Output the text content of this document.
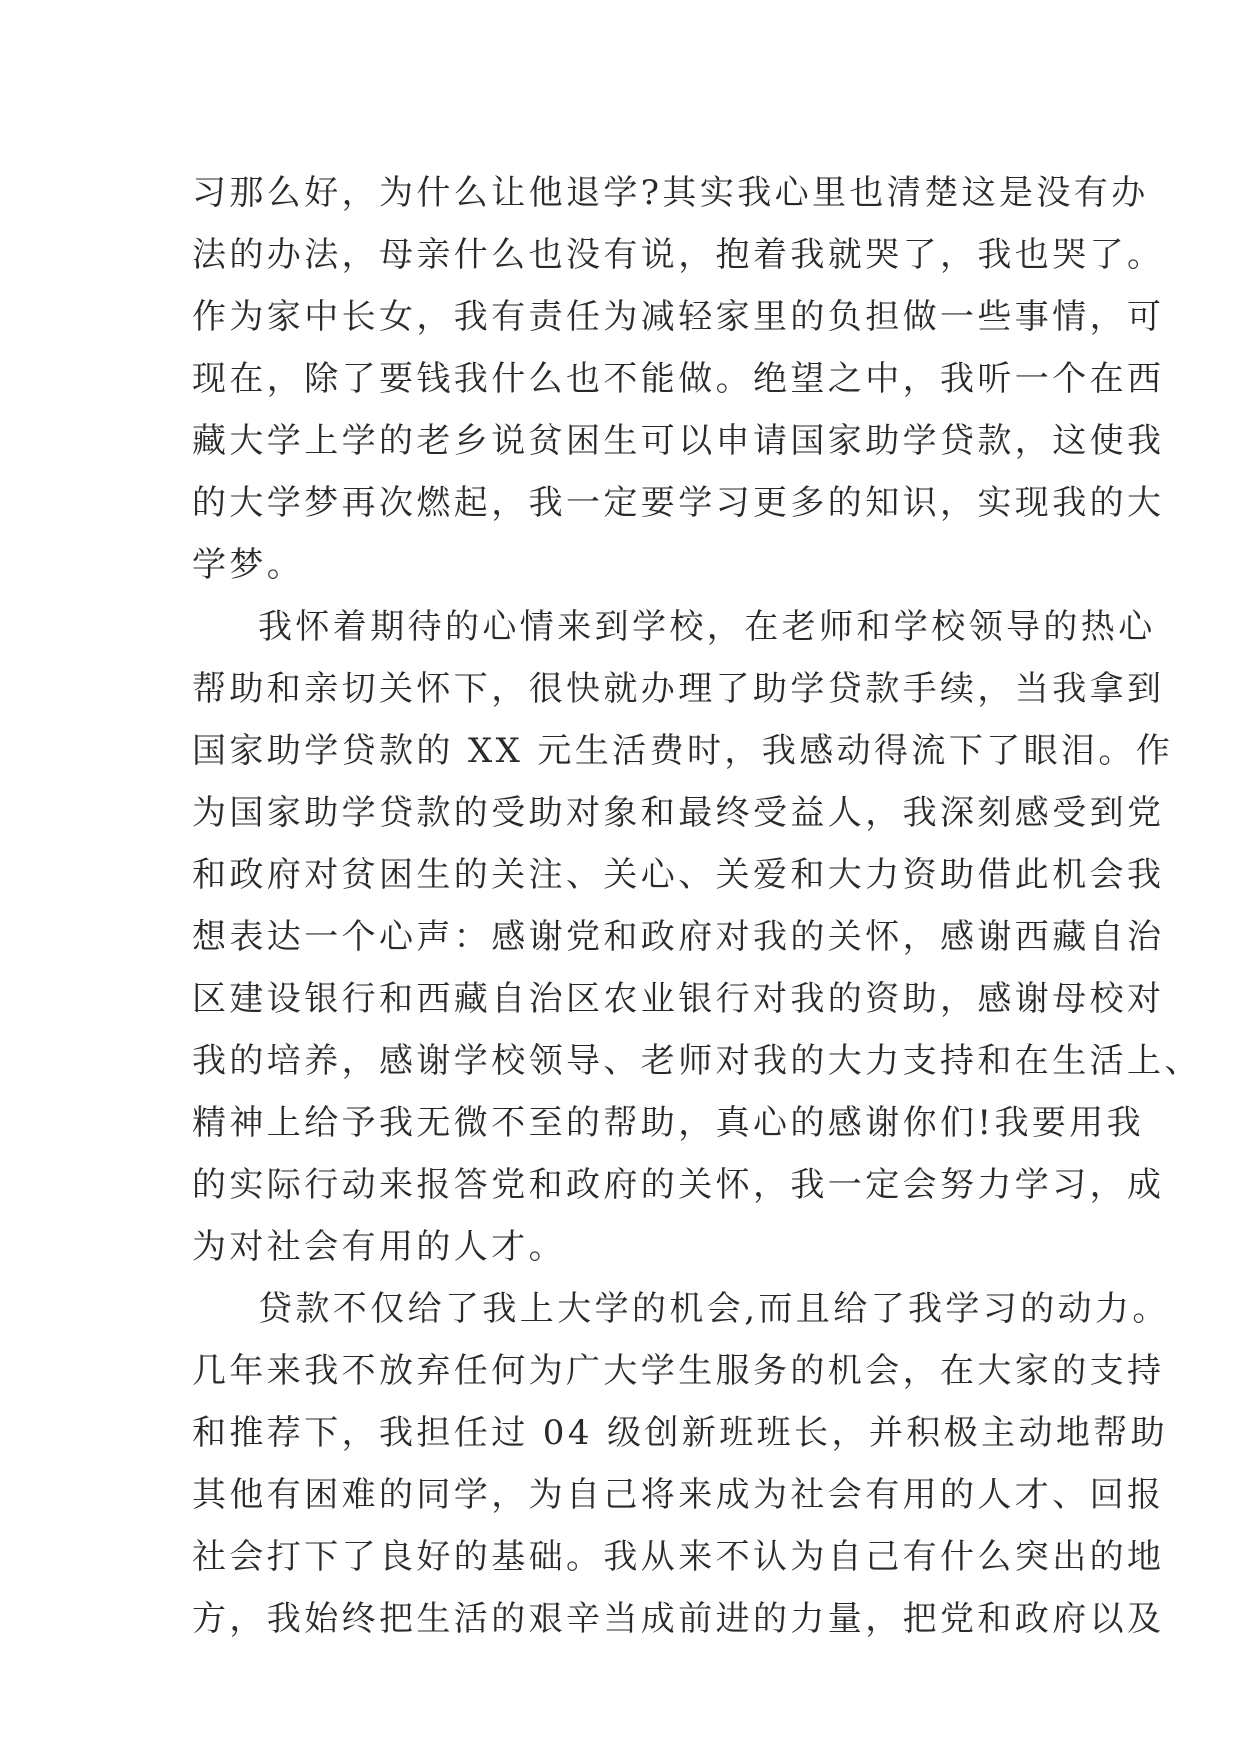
习那么好，为什么让他退学?其实我心里也清楚这是没有办
法的办法，母亲什么也没有说，抱着我就哭了，我也哭了。
作为家中长女，我有责任为减轻家里的负担做一些事情，可
现在，除了要钱我什么也不能做。绝望之中，我听一个在西
藏大学上学的老乡说贫困生可以申请国家助学贷款，这使我
的大学梦再次燃起，我一定要学习更多的知识，实现我的大
学梦。
我怀着期待的心情来到学校，在老师和学校领导的热心
帮助和亲切关怀下，很快就办理了助学贷款手续，当我拿到
国家助学贷款的 XX 元生活费时，我感动得流下了眼泪。作
为国家助学贷款的受助对象和最终受益人，我深刻感受到党
和政府对贫困生的关注、关心、关爱和大力资助借此机会我
想表达一个心声：感谢党和政府对我的关怀，感谢西藏自治
区建设银行和西藏自治区农业银行对我的资助，感谢母校对
我的培养，感谢学校领导、老师对我的大力支持和在生活上、
精神上给予我无微不至的帮助，真心的感谢你们!我要用我
的实际行动来报答党和政府的关怀，我一定会努力学习，成
为对社会有用的人才。
贷款不仅给了我上大学的机会,而且给了我学习的动力。
几年来我不放弃任何为广大学生服务的机会，在大家的支持
和推荐下，我担任过 04 级创新班班长，并积极主动地帮助
其他有困难的同学，为自己将来成为社会有用的人才、回报
社会打下了良好的基础。我从来不认为自己有什么突出的地
方，我始终把生活的艰辛当成前进的力量，把党和政府以及
